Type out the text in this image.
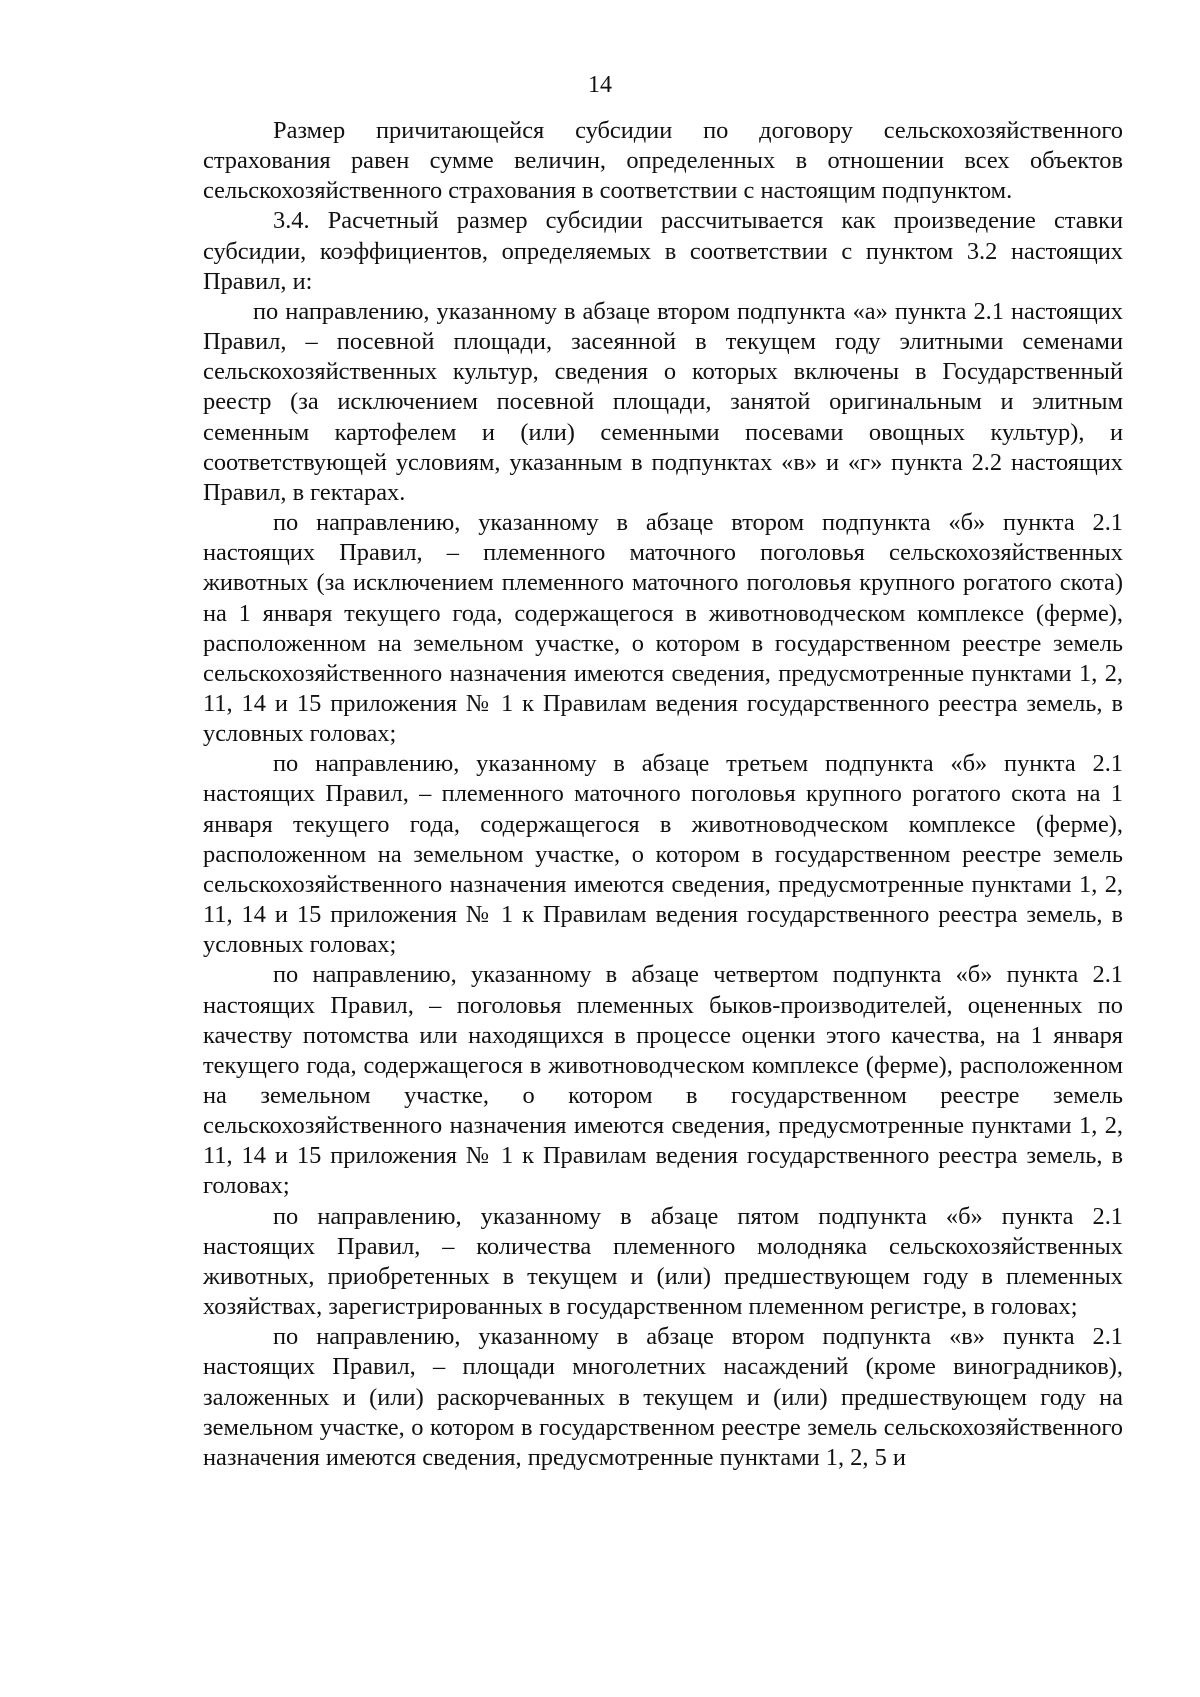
14

Размер причитающейся субсидии по договору сельскохозяйственного страхования равен сумме величин, определенных в отношении всех объектов сельскохозяйственного страхования в соответствии с настоящим подпунктом.

3.4. Расчетный размер субсидии рассчитывается как произведение ставки субсидии, коэффициентов, определяемых в соответствии с пунктом 3.2 настоящих Правил, и:

по направлению, указанному в абзаце втором подпункта «а» пункта 2.1 настоящих Правил, – посевной площади, засеянной в текущем году элитными семенами сельскохозяйственных культур, сведения о которых включены в Государственный реестр (за исключением посевной площади, занятой оригинальным и элитным семенным картофелем и (или) семенными посевами овощных культур), и соответствующей условиям, указанным в подпунктах «в» и «г» пункта 2.2 настоящих Правил, в гектарах.

по направлению, указанному в абзаце втором подпункта «б» пункта 2.1 настоящих Правил, – племенного маточного поголовья сельскохозяйственных животных (за исключением племенного маточного поголовья крупного рогатого скота) на 1 января текущего года, содержащегося в животноводческом комплексе (ферме), расположенном на земельном участке, о котором в государственном реестре земель сельскохозяйственного назначения имеются сведения, предусмотренные пунктами 1, 2, 11, 14 и 15 приложения № 1 к Правилам ведения государственного реестра земель, в условных головах;

по направлению, указанному в абзаце третьем подпункта «б» пункта 2.1 настоящих Правил, – племенного маточного поголовья крупного рогатого скота на 1 января текущего года, содержащегося в животноводческом комплексе (ферме), расположенном на земельном участке, о котором в государственном реестре земель сельскохозяйственного назначения имеются сведения, предусмотренные пунктами 1, 2, 11, 14 и 15 приложения № 1 к Правилам ведения государственного реестра земель, в условных головах;

по направлению, указанному в абзаце четвертом подпункта «б» пункта 2.1 настоящих Правил, – поголовья племенных быков-производителей, оцененных по качеству потомства или находящихся в процессе оценки этого качества, на 1 января текущего года, содержащегося в животноводческом комплексе (ферме), расположенном на земельном участке, о котором в государственном реестре земель сельскохозяйственного назначения имеются сведения, предусмотренные пунктами 1, 2, 11, 14 и 15 приложения № 1 к Правилам ведения государственного реестра земель, в головах;

по направлению, указанному в абзаце пятом подпункта «б» пункта 2.1 настоящих Правил, – количества племенного молодняка сельскохозяйственных животных, приобретенных в текущем и (или) предшествующем году в племенных хозяйствах, зарегистрированных в государственном племенном регистре, в головах;

по направлению, указанному в абзаце втором подпункта «в» пункта 2.1 настоящих Правил, – площади многолетних насаждений (кроме виноградников), заложенных и (или) раскорчеванных в текущем и (или) предшествующем году на земельном участке, о котором в государственном реестре земель сельскохозяйственного назначения имеются сведения, предусмотренные пунктами 1, 2, 5 и
